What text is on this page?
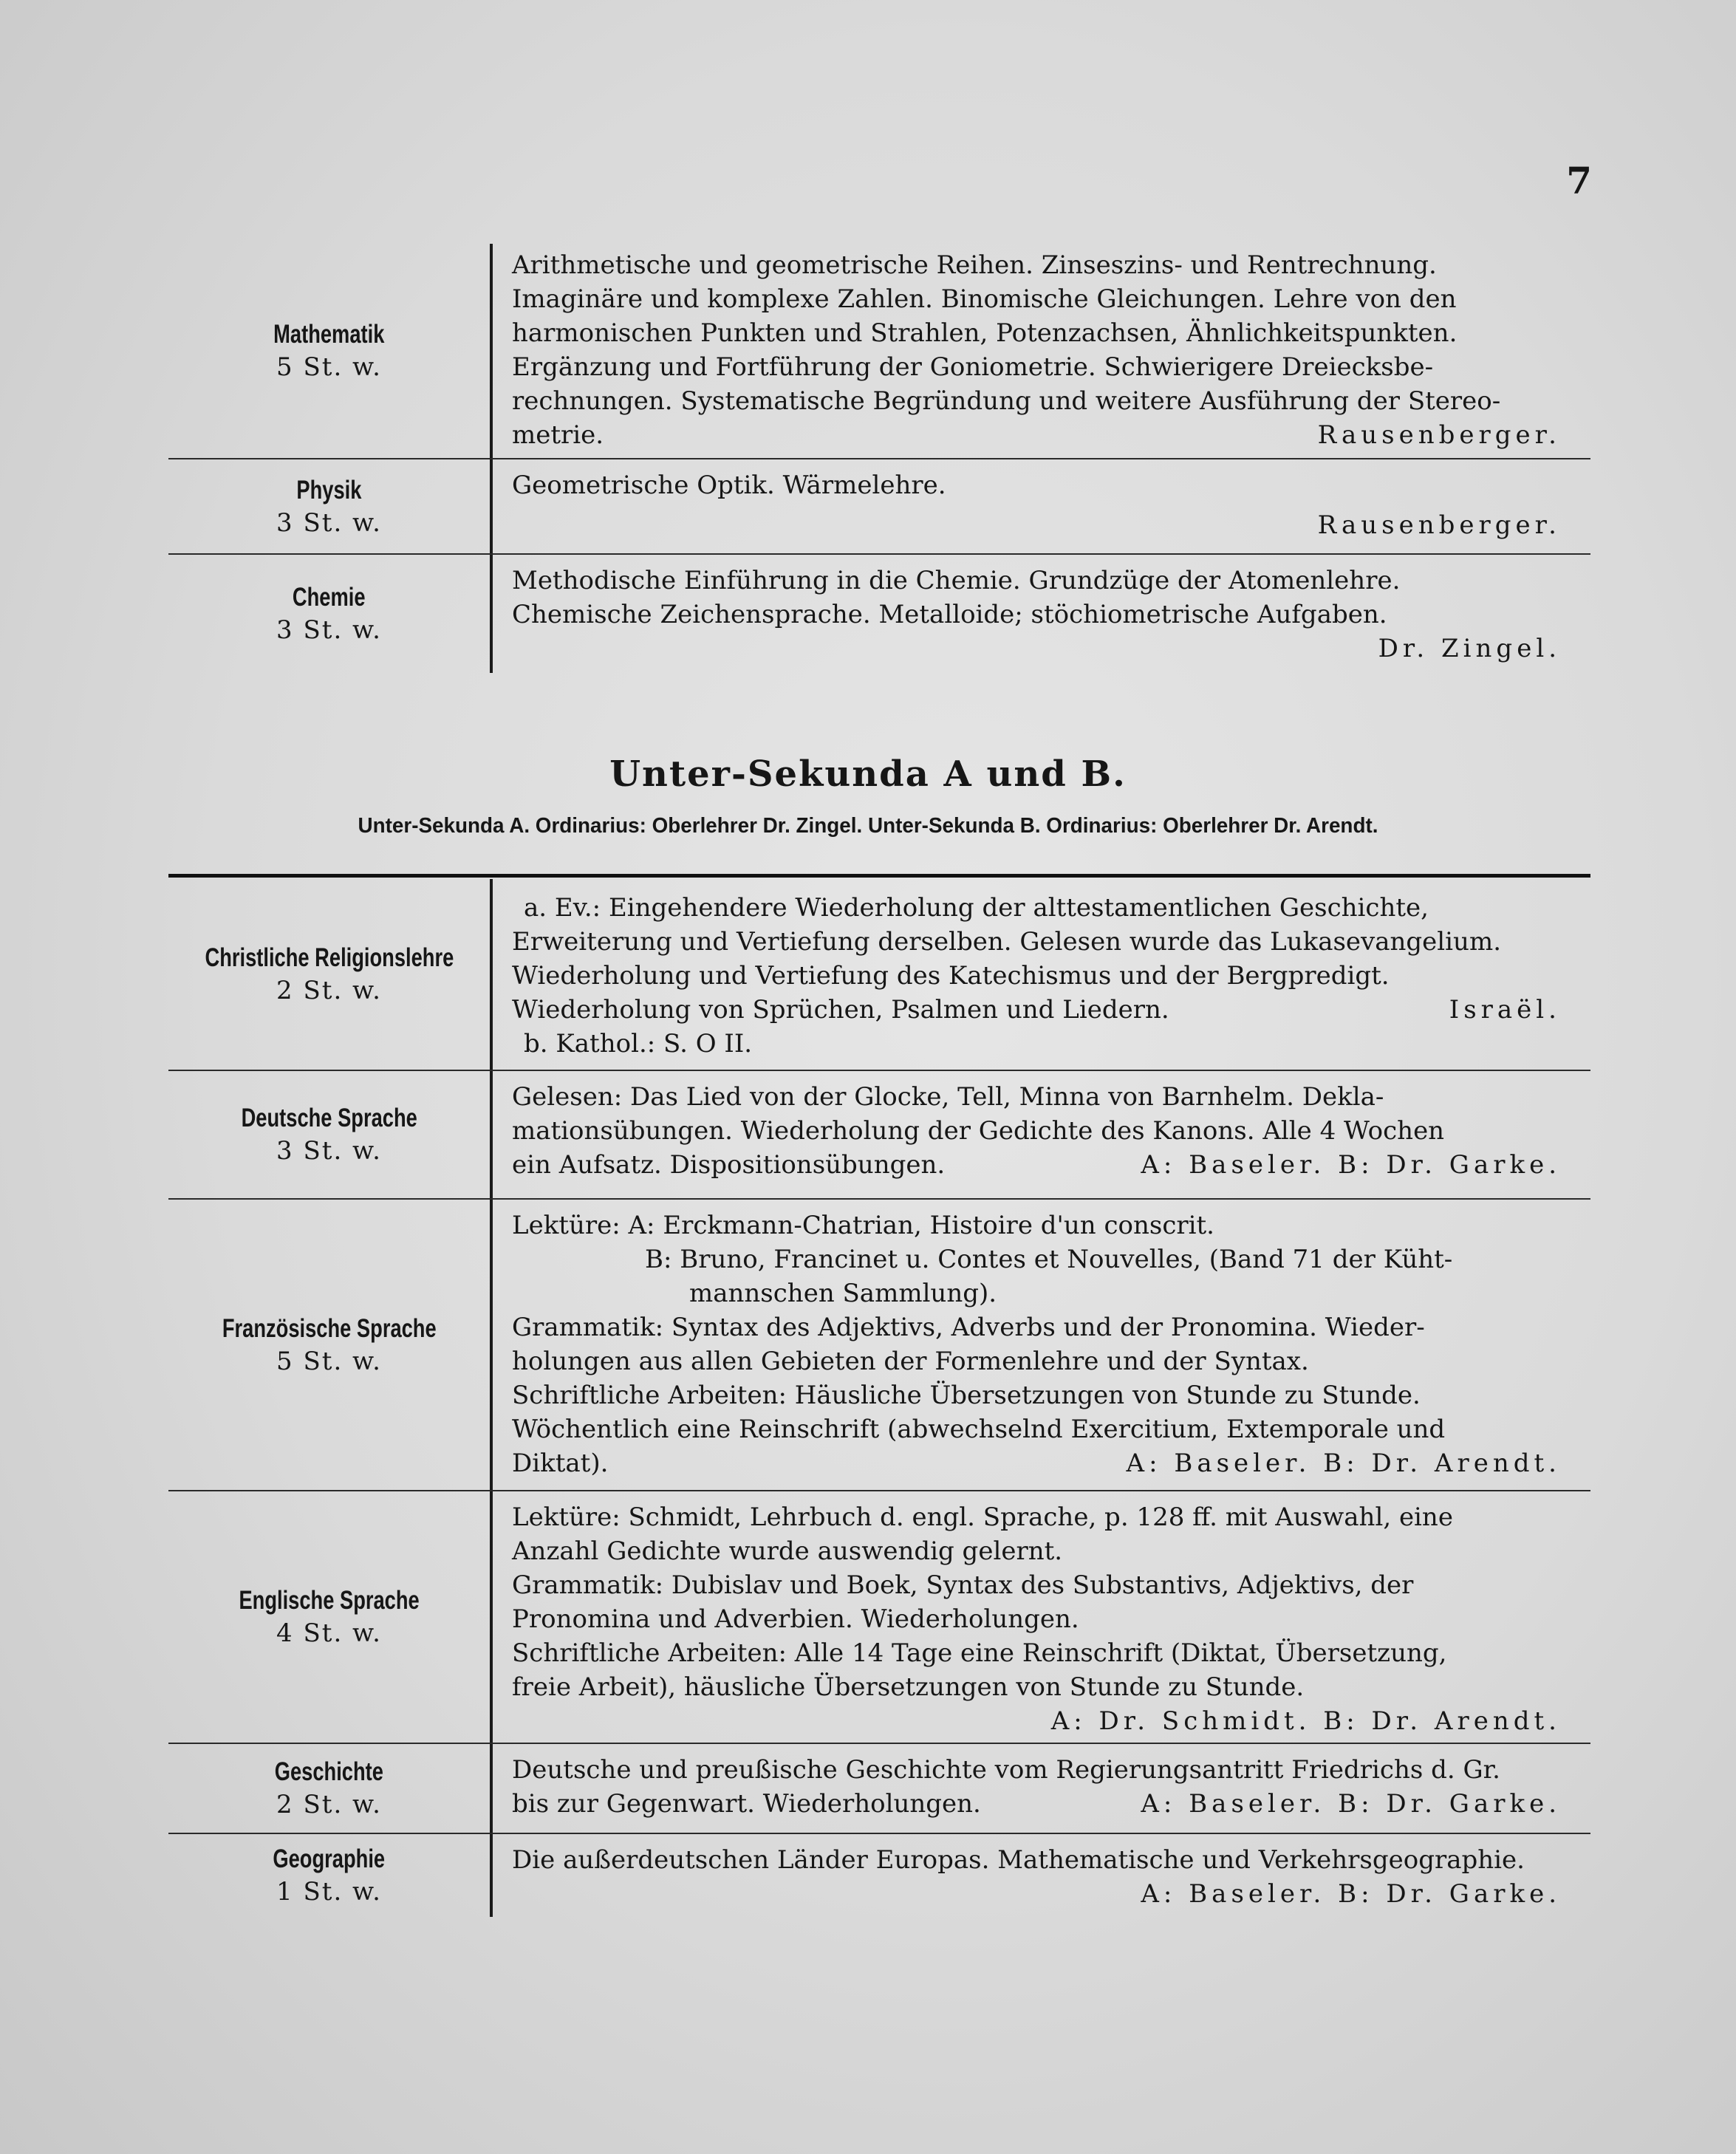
7
Mathematik
5 St. w.

Arithmetische und geometrische Reihen. Zinseszins- und Rentrechnung.

Imaginäre und komplexe Zahlen. Binomische Gleichungen. Lehre von den

harmonischen Punkten und Strahlen, Potenzachsen, Ähnlichkeitspunkten.

Ergänzung und Fortführung der Goniometrie. Schwierigere Dreiecksbe-

rechnungen. Systematische Begründung und weitere Ausführung der Stereo-

metrie.	Rausenberger.
Physik
3 St. w.

Geometrische Optik. Wärmelehre.

Rausenberger.

Chemie
3 St. w.

Methodische Einführung in die Chemie. Grundzüge der Atomenlehre.

Chemische Zeichensprache. Metalloide; stöchiometrische Aufgaben.

Dr. Zingel.

Unter-Sekunda A und B.
Unter-Sekunda A. Ordinarius: Oberlehrer Dr. Zingel. Unter-Sekunda B. Ordinarius: Oberlehrer Dr. Arendt.
Christliche Religionslehre
2 St. w.

a. Ev.: Eingehendere Wiederholung der alttestamentlichen Geschichte,

Erweiterung und Vertiefung derselben. Gelesen wurde das Lukasevangelium.

Wiederholung und Vertiefung des Katechismus und der Bergpredigt.

Wiederholung von Sprüchen, Psalmen und Liedern.	Israël.

b. Kathol.: S. O II.

Deutsche Sprache
3 St. w.

Gelesen: Das Lied von der Glocke, Tell, Minna von Barnhelm. Dekla-

mationsübungen. Wiederholung der Gedichte des Kanons. Alle 4 Wochen

ein Aufsatz. Dispositionsübungen.	A: Baseler. B: Dr. Garke.
Französische Sprache
5 St. w.

Lektüre: A: Erckmann-Chatrian, Histoire d'un conscrit.

B: Bruno, Francinet u. Contes et Nouvelles, (Band 71 der Küht-

mannschen Sammlung).

Grammatik: Syntax des Adjektivs, Adverbs und der Pronomina. Wieder-

holungen aus allen Gebieten der Formenlehre und der Syntax.

Schriftliche Arbeiten: Häusliche Übersetzungen von Stunde zu Stunde.

Wöchentlich eine Reinschrift (abwechselnd Exercitium, Extemporale und

Diktat).	A: Baseler. B: Dr. Arendt.
Englische Sprache
4 St. w.

Lektüre: Schmidt, Lehrbuch d. engl. Sprache, p. 128 ff. mit Auswahl, eine

Anzahl Gedichte wurde auswendig gelernt.

Grammatik: Dubislav und Boek, Syntax des Substantivs, Adjektivs, der

Pronomina und Adverbien. Wiederholungen.

Schriftliche Arbeiten: Alle 14 Tage eine Reinschrift (Diktat, Übersetzung,

freie Arbeit), häusliche Übersetzungen von Stunde zu Stunde.

A: Dr. Schmidt. B: Dr. Arendt.

Geschichte
2 St. w.

Deutsche und preußische Geschichte vom Regierungsantritt Friedrichs d. Gr.

bis zur Gegenwart. Wiederholungen.	A: Baseler. B: Dr. Garke.
Geographie
1 St. w.

Die außerdeutschen Länder Europas. Mathematische und Verkehrsgeographie.

A: Baseler. B: Dr. Garke.
